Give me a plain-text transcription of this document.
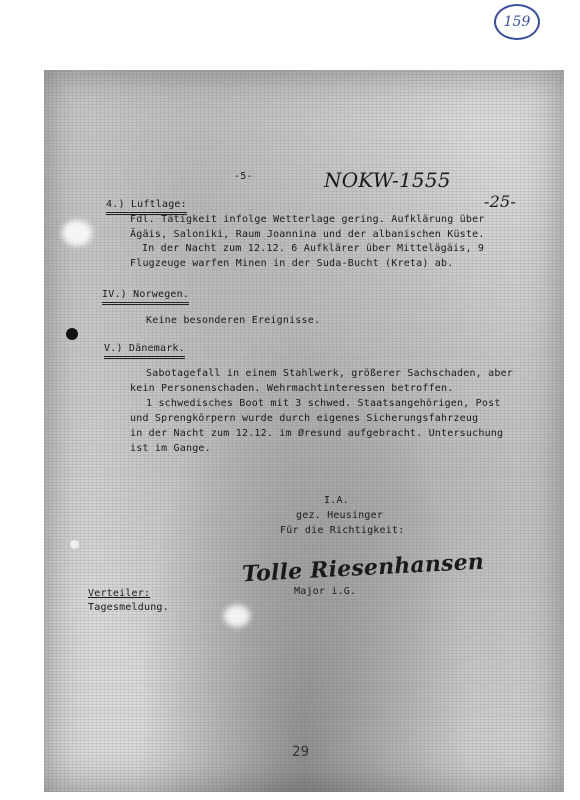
159
-5-	NOKW-1555
-25-
4.) Luftlage:
Fdl. Tätigkeit infolge Wetterlage gering. Aufklärung über
Ägäis, Saloniki, Raum Joannina und der albanischen Küste.
In der Nacht zum 12.12. 6 Aufklärer über Mittelägäis, 9
Flugzeuge warfen Minen in der Suda-Bucht (Kreta) ab.
IV.) Norwegen.
Keine besonderen Ereignisse.
V.) Dänemark.
Sabotagefall in einem Stahlwerk, größerer Sachschaden, aber
kein Personenschaden. Wehrmachtinteressen betroffen.
1 schwedisches Boot mit 3 schwed. Staatsangehörigen, Post
und Sprengkörpern wurde durch eigenes Sicherungsfahrzeug
in der Nacht zum 12.12. im Øresund aufgebracht. Untersuchung
ist im Gange.
I.A.
gez. Heusinger
Für die Richtigkeit:
Tolle Riesenhansen
Major i.G.
Verteiler:
Tagesmeldung.
29
